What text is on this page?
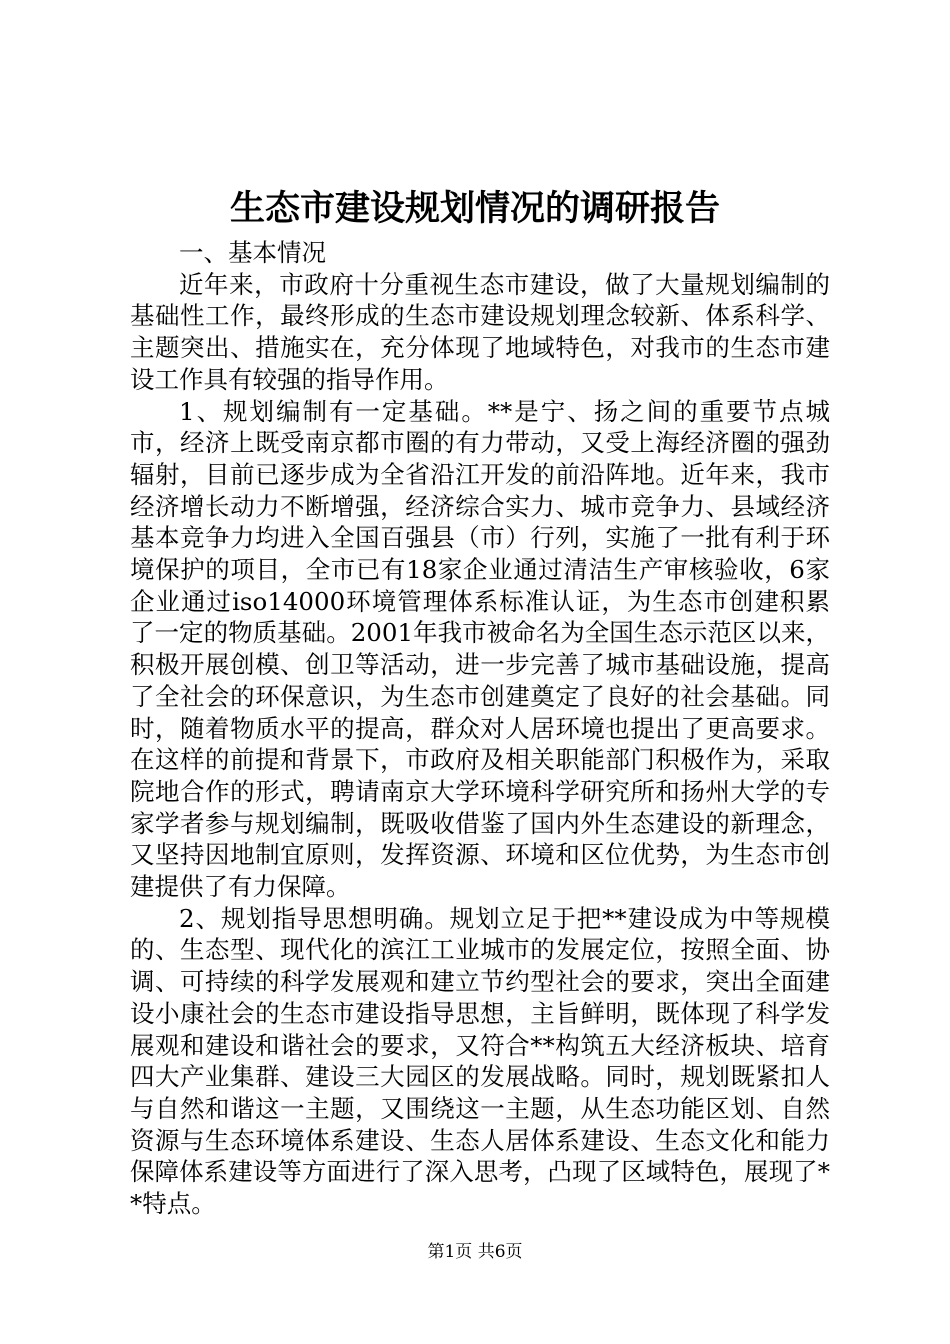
生态市建设规划情况的调研报告

一、基本情况

近年来，市政府十分重视生态市建设，做了大量规划编制的基础性工作，最终形成的生态市建设规划理念较新、体系科学、主题突出、措施实在，充分体现了地域特色，对我市的生态市建设工作具有较强的指导作用。

1、规划编制有一定基础。**是宁、扬之间的重要节点城市，经济上既受南京都市圈的有力带动，又受上海经济圈的强劲辐射，目前已逐步成为全省沿江开发的前沿阵地。近年来，我市经济增长动力不断增强，经济综合实力、城市竞争力、县域经济基本竞争力均进入全国百强县（市）行列，实施了一批有利于环境保护的项目，全市已有18家企业通过清洁生产审核验收，6家企业通过iso14000环境管理体系标准认证，为生态市创建积累了一定的物质基础。2001年我市被命名为全国生态示范区以来，积极开展创模、创卫等活动，进一步完善了城市基础设施，提高了全社会的环保意识，为生态市创建奠定了良好的社会基础。同时，随着物质水平的提高，群众对人居环境也提出了更高要求。在这样的前提和背景下，市政府及相关职能部门积极作为，采取院地合作的形式，聘请南京大学环境科学研究所和扬州大学的专家学者参与规划编制，既吸收借鉴了国内外生态建设的新理念，又坚持因地制宜原则，发挥资源、环境和区位优势，为生态市创建提供了有力保障。

2、规划指导思想明确。规划立足于把**建设成为中等规模的、生态型、现代化的滨江工业城市的发展定位，按照全面、协调、可持续的科学发展观和建立节约型社会的要求，突出全面建设小康社会的生态市建设指导思想，主旨鲜明，既体现了科学发展观和建设和谐社会的要求，又符合**构筑五大经济板块、培育四大产业集群、建设三大园区的发展战略。同时，规划既紧扣人与自然和谐这一主题，又围绕这一主题，从生态功能区划、自然资源与生态环境体系建设、生态人居体系建设、生态文化和能力保障体系建设等方面进行了深入思考，凸现了区域特色，展现了**特点。

第1页 共6页
